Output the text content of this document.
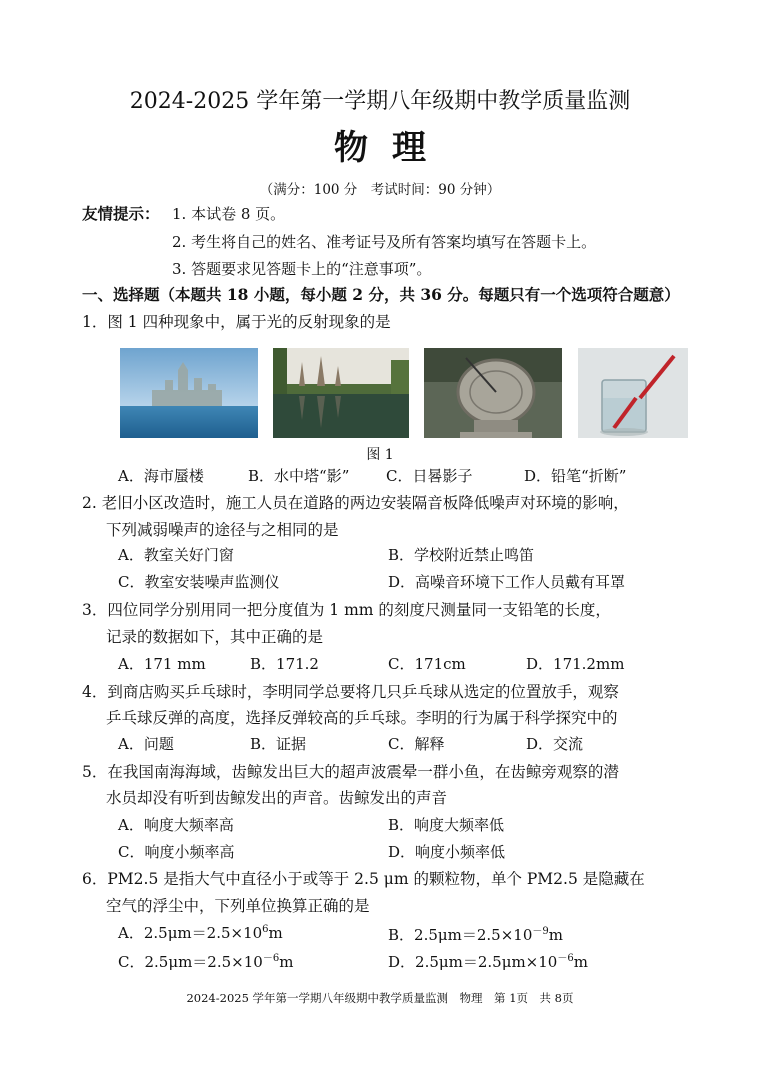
2024-2025 学年第一学期八年级期中教学质量监测
物理
（满分：100 分　考试时间：90 分钟）
友情提示： 1. 本试卷 8 页。
2. 考生将自己的姓名、准考证号及所有答案均填写在答题卡上。
3. 答题要求见答题卡上的“注意事项”。
一、选择题（本题共 18 小题，每小题 2 分，共 36 分。每题只有一个选项符合题意）
1．图 1 四种现象中，属于光的反射现象的是
图 1
A．海市蜃楼	B．水中塔“影” C．日晷影子	D．铅笔“折断”
2. 老旧小区改造时，施工人员在道路的两边安装隔音板降低噪声对环境的影响，
下列减弱噪声的途径与之相同的是
A．教室关好门窗	B．学校附近禁止鸣笛
C．教室安装噪声监测仪	D．高噪音环境下工作人员戴有耳罩
3．四位同学分别用同一把分度值为 1 mm 的刻度尺测量同一支铅笔的长度，
记录的数据如下，其中正确的是
A．171 mm	B．171.2	C．171cm	D．171.2mm
4．到商店购买乒乓球时，李明同学总要将几只乒乓球从选定的位置放手，观察
乒乓球反弹的高度，选择反弹较高的乒乓球。李明的行为属于科学探究中的
A．问题	B．证据	C．解释	D．交流
5．在我国南海海域，齿鲸发出巨大的超声波震晕一群小鱼，在齿鲸旁观察的潜
水员却没有听到齿鲸发出的声音。齿鲸发出的声音
A．响度大频率高	B．响度大频率低
C．响度小频率高	D．响度小频率低
6．PM2.5 是指大气中直径小于或等于 2.5 μm 的颗粒物，单个 PM2.5 是隐藏在
空气的浮尘中，下列单位换算正确的是
A．$2.5\mu m=2.5\times 10^6m$	B．$2.5\mu m=2.5\times 10^{-9}m$
C．$2.5\mu m=2.5\times 10^{-6}m$	D．$2.5\mu m=2.5\mu m\times 10^{-6}m$
2024-2025 学年第一学期八年级期中教学质量监测　物理　第 1页　共 8页
